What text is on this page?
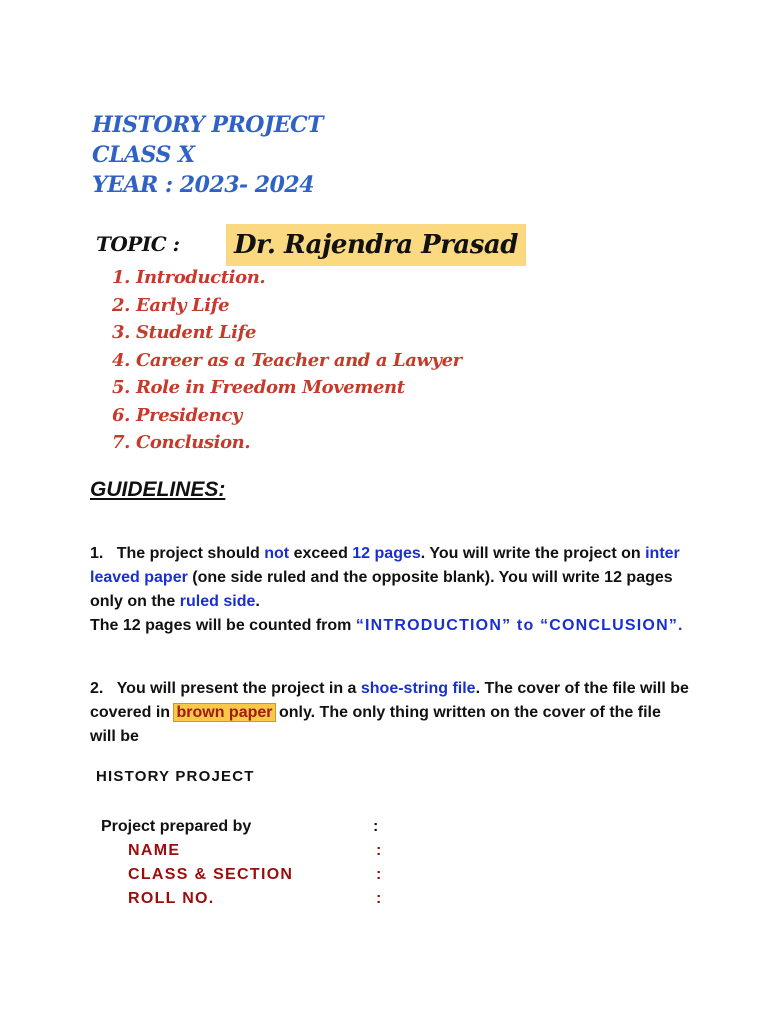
HISTORY PROJECT
CLASS X
YEAR : 2023- 2024
TOPIC :	Dr. Rajendra Prasad
1. Introduction.
2. Early Life
3. Student Life
4. Career as a Teacher and a Lawyer
5. Role in Freedom Movement
6. Presidency
7. Conclusion.
GUIDELINES:
1. The project should not exceed 12 pages. You will write the project on inter leaved paper (one side ruled and the opposite blank). You will write 12 pages only on the ruled side.
The 12 pages will be counted from “INTRODUCTION” to “CONCLUSION”.
2. You will present the project in a shoe-string file. The cover of the file will be covered in brown paper only. The only thing written on the cover of the file will be
HISTORY PROJECT
Project prepared by	:
NAME	:
CLASS & SECTION	:
ROLL NO.	:
